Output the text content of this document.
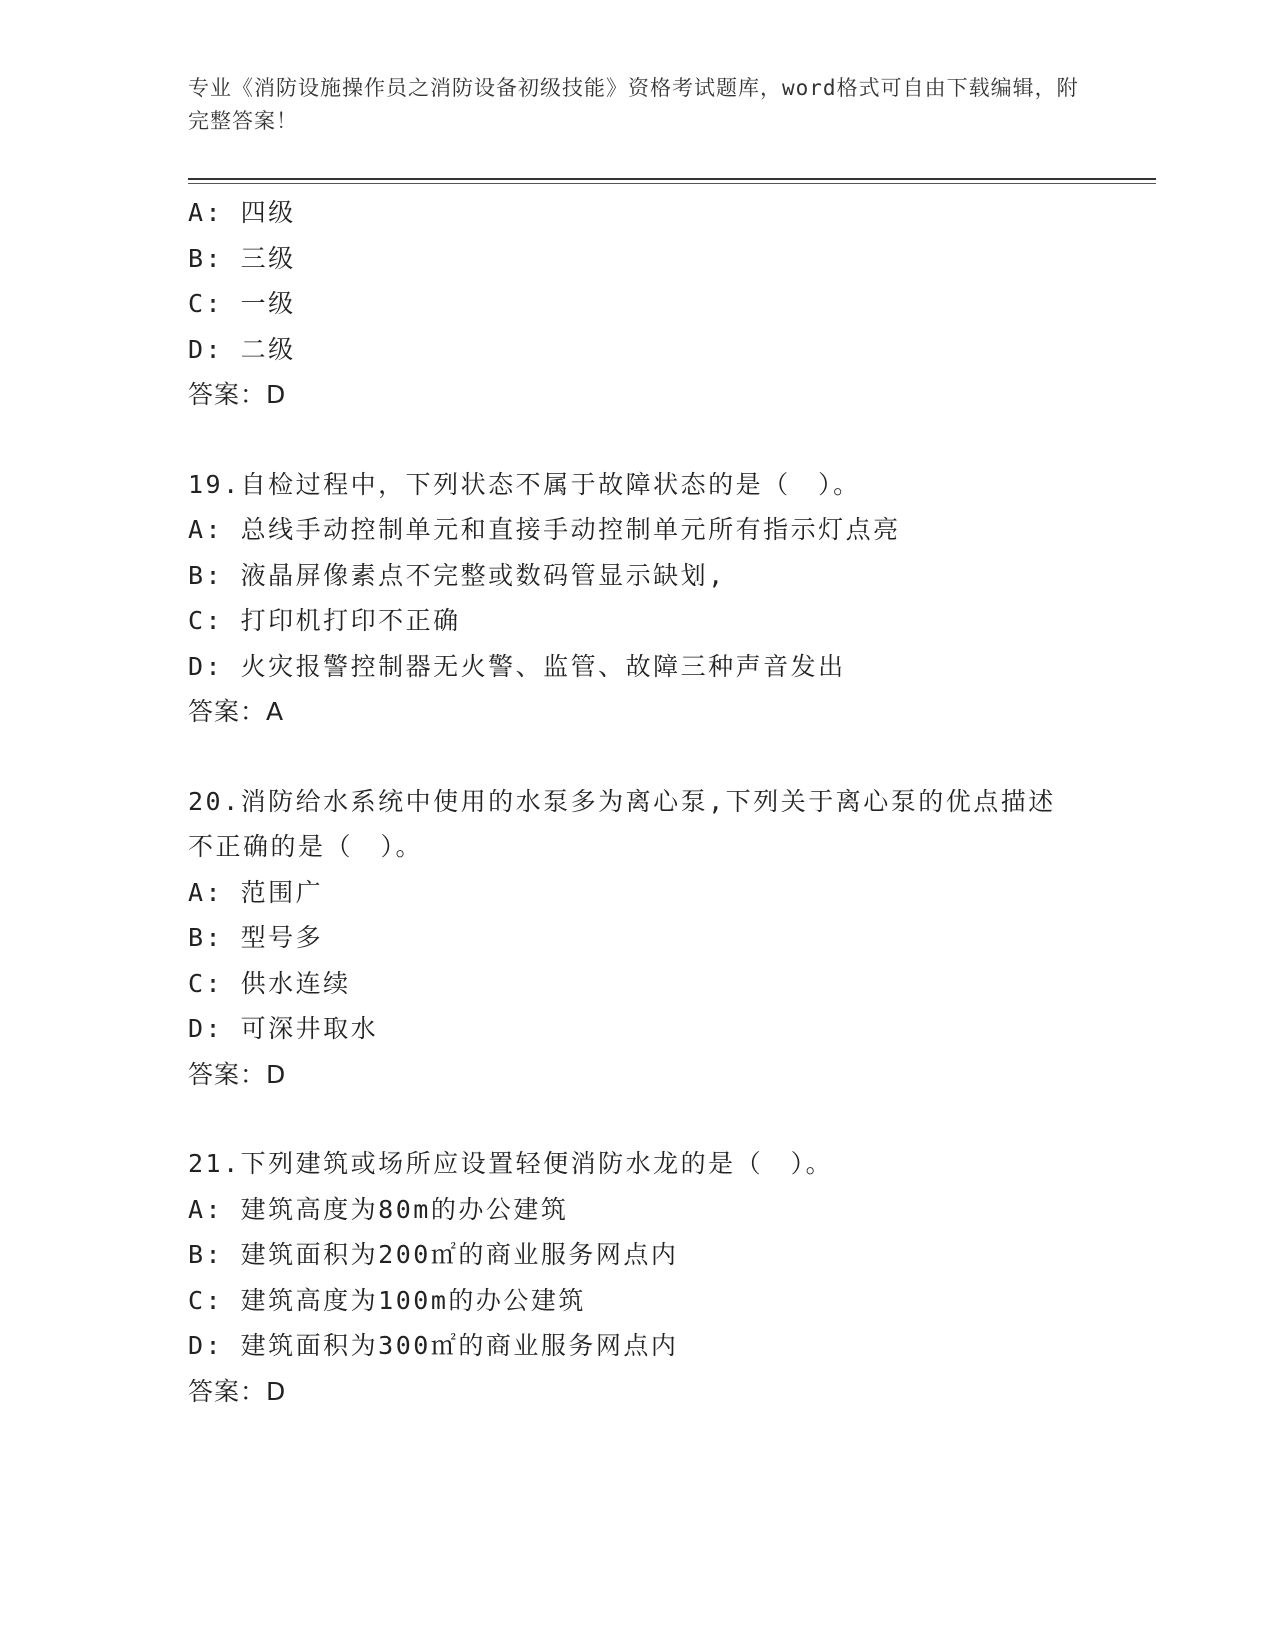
专业《消防设施操作员之消防设备初级技能》资格考试题库，word格式可自由下载编辑，附完整答案！
A: 四级
B: 三级
C: 一级
D: 二级
答案：D
19.自检过程中，下列状态不属于故障状态的是（　）。
A: 总线手动控制单元和直接手动控制单元所有指示灯点亮
B: 液晶屏像素点不完整或数码管显示缺划,
C: 打印机打印不正确
D: 火灾报警控制器无火警、监管、故障三种声音发出
答案：A
20.消防给水系统中使用的水泵多为离心泵,下列关于离心泵的优点描述不正确的是（　）。
A: 范围广
B: 型号多
C: 供水连续
D: 可深井取水
答案：D
21.下列建筑或场所应设置轻便消防水龙的是（　）。
A: 建筑高度为80m的办公建筑
B: 建筑面积为200㎡的商业服务网点内
C: 建筑高度为100m的办公建筑
D: 建筑面积为300㎡的商业服务网点内
答案：D
